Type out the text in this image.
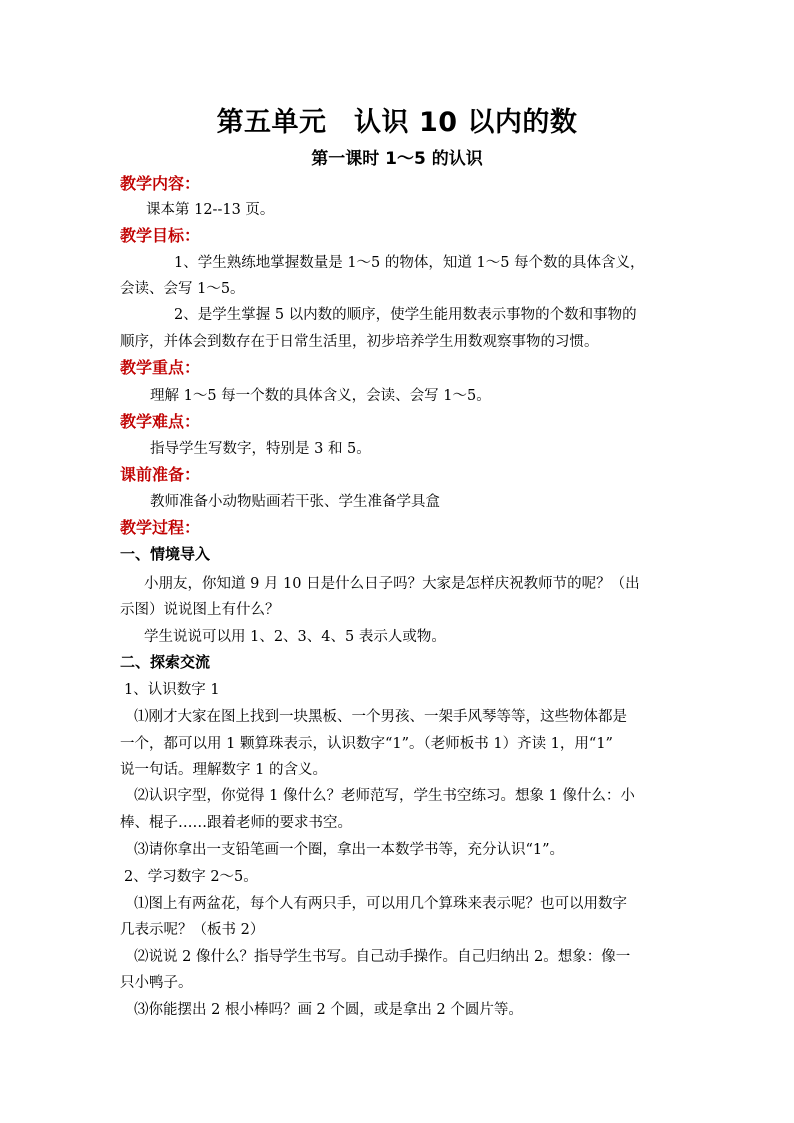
第五单元　认识 10 以内的数
第一课时 1～5 的认识
教学内容：
课本第 12--13 页。
教学目标：
1、学生熟练地掌握数量是 1～5 的物体，知道 1～5 每个数的具体含义，
会读、会写 1～5。
2、是学生掌握 5 以内数的顺序，使学生能用数表示事物的个数和事物的
顺序，并体会到数存在于日常生活里，初步培养学生用数观察事物的习惯。
教学重点：
理解 1～5 每一个数的具体含义，会读、会写 1～5。
教学难点：
指导学生写数字，特别是 3 和 5。
课前准备：
教师准备小动物贴画若干张、学生准备学具盒
教学过程：
一、情境导入
小朋友，你知道 9 月 10 日是什么日子吗？大家是怎样庆祝教师节的呢？（出
示图）说说图上有什么？
学生说说可以用 1、2、3、4、5 表示人或物。
二、探索交流
1、认识数字 1
⑴刚才大家在图上找到一块黑板、一个男孩、一架手风琴等等，这些物体都是
一个，都可以用 1 颗算珠表示，认识数字“1”。（老师板书 1）齐读 1，用“1”
说一句话。理解数字 1 的含义。
⑵认识字型，你觉得 1 像什么？老师范写，学生书空练习。想象 1 像什么：小
棒、棍子……跟着老师的要求书空。
⑶请你拿出一支铅笔画一个圈，拿出一本数学书等，充分认识“1”。
2、学习数字 2～5。
⑴图上有两盆花，每个人有两只手，可以用几个算珠来表示呢？也可以用数字
几表示呢？（板书 2）
⑵说说 2 像什么？指导学生书写。自己动手操作。自己归纳出 2。想象：像一
只小鸭子。
⑶你能摆出 2 根小棒吗？画 2 个圆，或是拿出 2 个圆片等。
